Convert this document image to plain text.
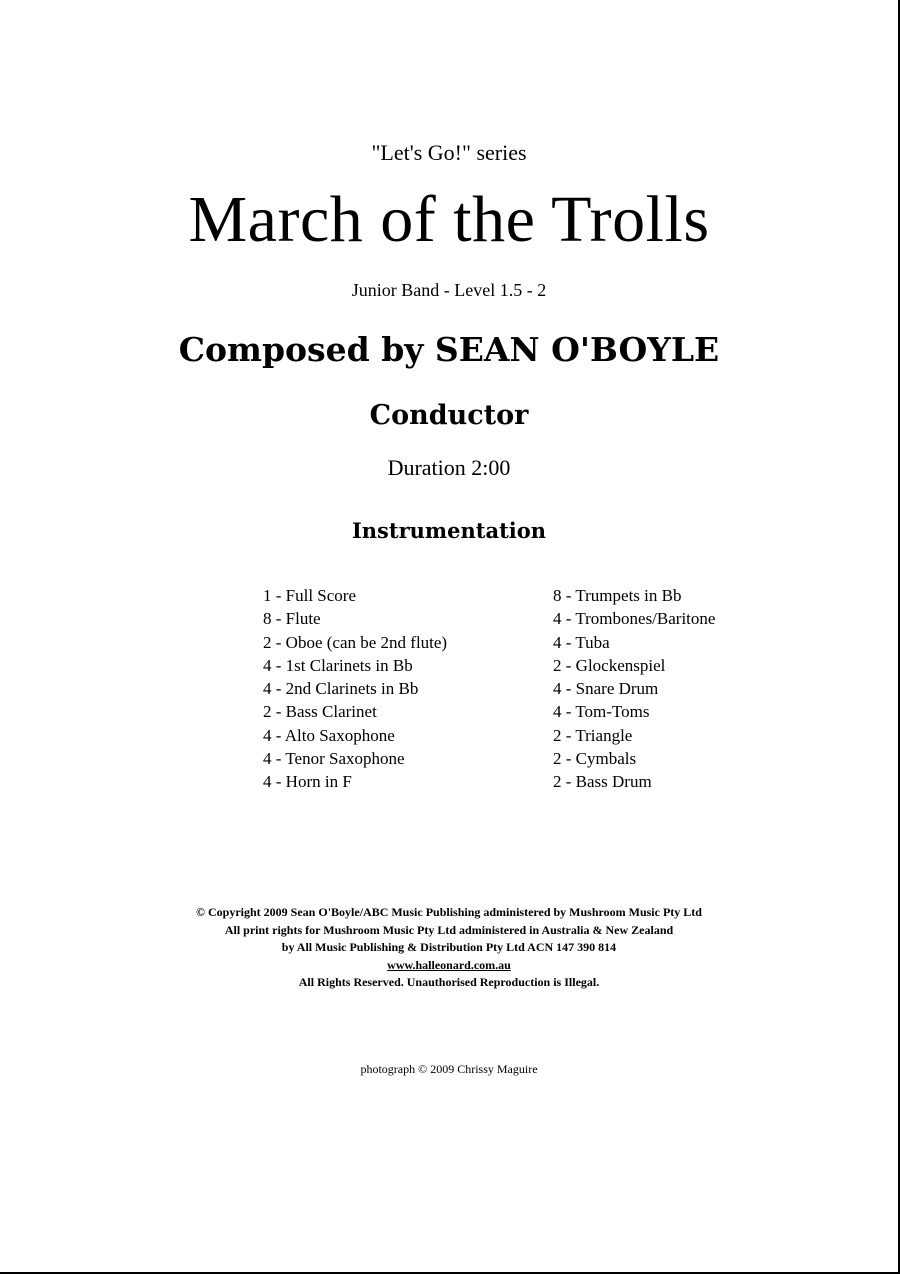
"Let's Go!" series
March of the Trolls
Junior Band - Level 1.5 - 2
Composed by SEAN O'BOYLE
Conductor
Duration 2:00
Instrumentation
1 - Full Score
8 - Flute
2 - Oboe (can be 2nd flute)
4 - 1st Clarinets in Bb
4 - 2nd Clarinets in Bb
2 - Bass Clarinet
4 - Alto Saxophone
4 - Tenor Saxophone
4 - Horn in F
8 - Trumpets in Bb
4 - Trombones/Baritone
4 - Tuba
2 - Glockenspiel
4 - Snare Drum
4 - Tom-Toms
2 - Triangle
2 - Cymbals
2 - Bass Drum
© Copyright 2009 Sean O'Boyle/ABC Music Publishing administered by Mushroom Music Pty Ltd
All print rights for Mushroom Music Pty Ltd administered in Australia & New Zealand
by All Music Publishing & Distribution Pty Ltd ACN 147 390 814
www.halleonard.com.au
All Rights Reserved. Unauthorised Reproduction is Illegal.
photograph © 2009 Chrissy Maguire
